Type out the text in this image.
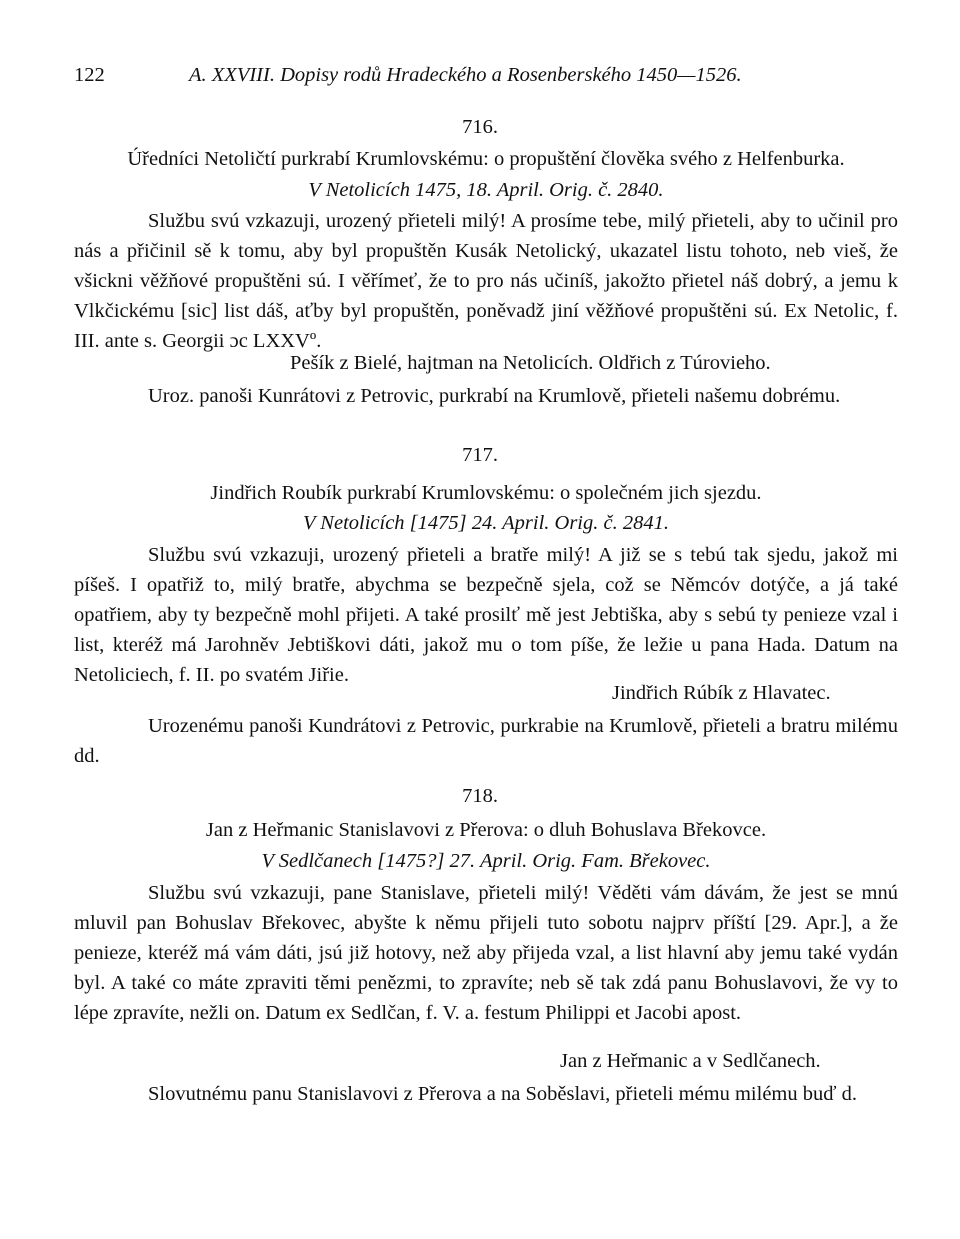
122	A. XXVIII. Dopisy rodů Hradeckého a Rosenberského 1450—1526.
716.
Úředníci Netoličtí purkrabí Krumlovskému: o propuštění člověka svého z Helfenburka.
V Netolicích 1475, 18. April. Orig. č. 2840.

Službu svú vzkazuji, urozený přieteli milý! A prosíme tebe, milý přieteli, aby to učinil pro nás a přičinil sě k tomu, aby byl propuštěn Kusák Netolický, ukazatel listu tohoto, neb vieš, že všickni věžňové propuštěni sú. I věřímeť, že to pro nás učiníš, jakožto přietel náš dobrý, a jemu k Vlkčickému [sic] list dáš, aťby byl propuštěn, poněvadž jiní věžňové propuštěni sú. Ex Netolic, f. III. ante s. Georgii ɔc LXXVº.

Pešík z Bielé, hajtman na Netolicích. Oldřich z Túrovieho.

Uroz. panoši Kunrátovi z Petrovic, purkrabí na Krumlově, přieteli našemu dobrému.

717.
Jindřich Roubík purkrabí Krumlovskému: o společném jich sjezdu.
V Netolicích [1475] 24. April. Orig. č. 2841.

Službu svú vzkazuji, urozený přieteli a bratře milý! A již se s tebú tak sjedu, jakož mi píšeš. I opatřiž to, milý bratře, abychma se bezpečně sjela, což se Němcóv dotýče, a já také opatřiem, aby ty bezpečně mohl přijeti. A také prosilť mě jest Jebtiška, aby s sebú ty penieze vzal i list, kteréž má Jarohněv Jebtiškovi dáti, jakož mu o tom píše, že ležie u pana Hada. Datum na Netoliciech, f. II. po svatém Jiřie.

Jindřich Rúbík z Hlavatec.

Urozenému panoši Kundrátovi z Petrovic, purkrabie na Krumlově, přieteli a bratru milému dd.

718.
Jan z Heřmanic Stanislavovi z Přerova: o dluh Bohuslava Břekovce.
V Sedlčanech [1475?] 27. April. Orig. Fam. Břekovec.

Službu svú vzkazuji, pane Stanislave, přieteli milý! Věděti vám dávám, že jest se mnú mluvil pan Bohuslav Břekovec, abyšte k němu přijeli tuto sobotu najprv příští [29. Apr.], a že penieze, kteréž má vám dáti, jsú již hotovy, než aby přijeda vzal, a list hlavní aby jemu také vydán byl. A také co máte zpraviti těmi penězmi, to zpravíte; neb sě tak zdá panu Bohuslavovi, že vy to lépe zpravíte, nežli on. Datum ex Sedlčan, f. V. a. festum Philippi et Jacobi apost.

Jan z Heřmanic a v Sedlčanech.

Slovutnému panu Stanislavovi z Přerova a na Soběslavi, přieteli mému milému buď d.
